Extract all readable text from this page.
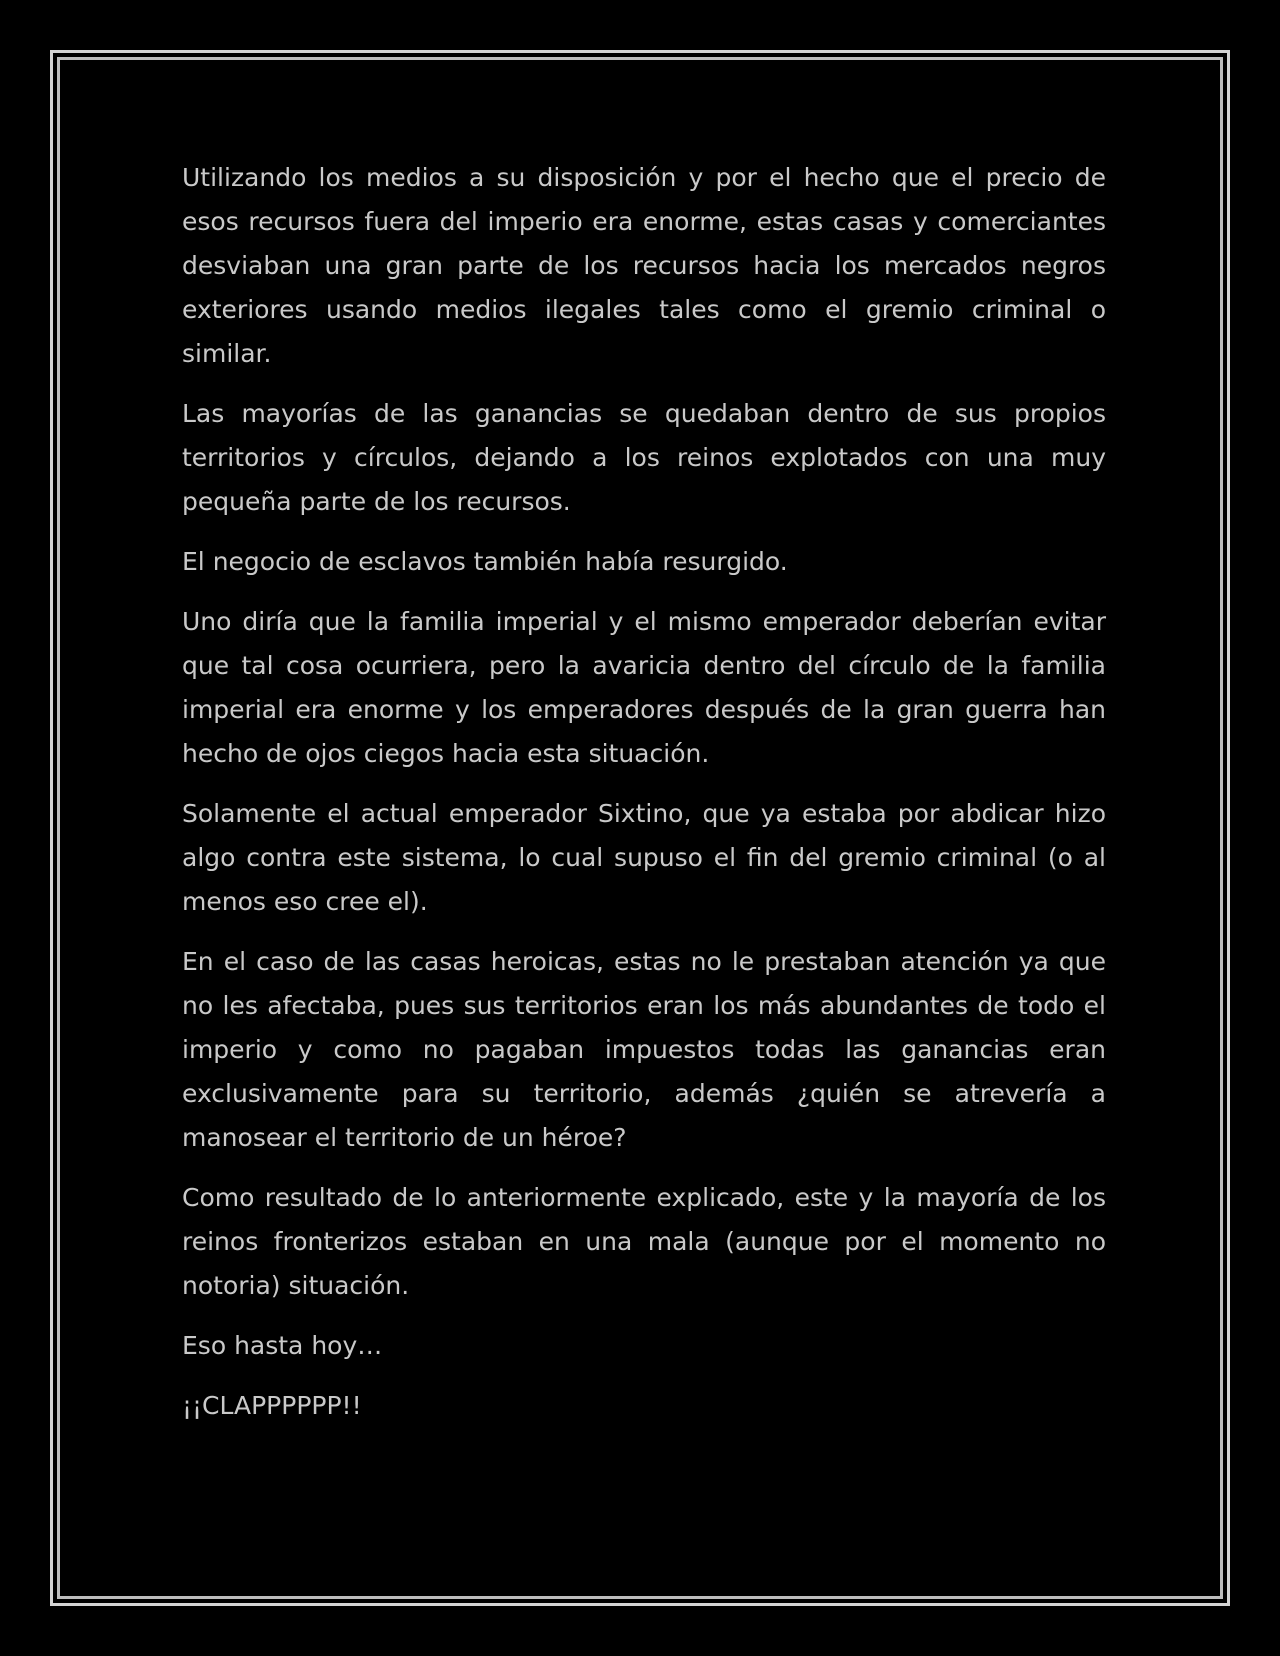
Utilizando los medios a su disposición y por el hecho que el precio de esos recursos fuera del imperio era enorme, estas casas y comerciantes desviaban una gran parte de los recursos hacia los mercados negros exteriores usando medios ilegales tales como el gremio criminal o similar.

Las mayorías de las ganancias se quedaban dentro de sus propios territorios y círculos, dejando a los reinos explotados con una muy pequeña parte de los recursos.

El negocio de esclavos también había resurgido.

Uno diría que la familia imperial y el mismo emperador deberían evitar que tal cosa ocurriera, pero la avaricia dentro del círculo de la familia imperial era enorme y los emperadores después de la gran guerra han hecho de ojos ciegos hacia esta situación.

Solamente el actual emperador Sixtino, que ya estaba por abdicar hizo algo contra este sistema, lo cual supuso el fin del gremio criminal (o al menos eso cree el).

En el caso de las casas heroicas, estas no le prestaban atención ya que no les afectaba, pues sus territorios eran los más abundantes de todo el imperio y como no pagaban impuestos todas las ganancias eran exclusivamente para su territorio, además ¿quién se atrevería a manosear el territorio de un héroe?

Como resultado de lo anteriormente explicado, este y la mayoría de los reinos fronterizos estaban en una mala (aunque por el momento no notoria) situación.

Eso hasta hoy…

¡¡CLAPPPPPP!!
